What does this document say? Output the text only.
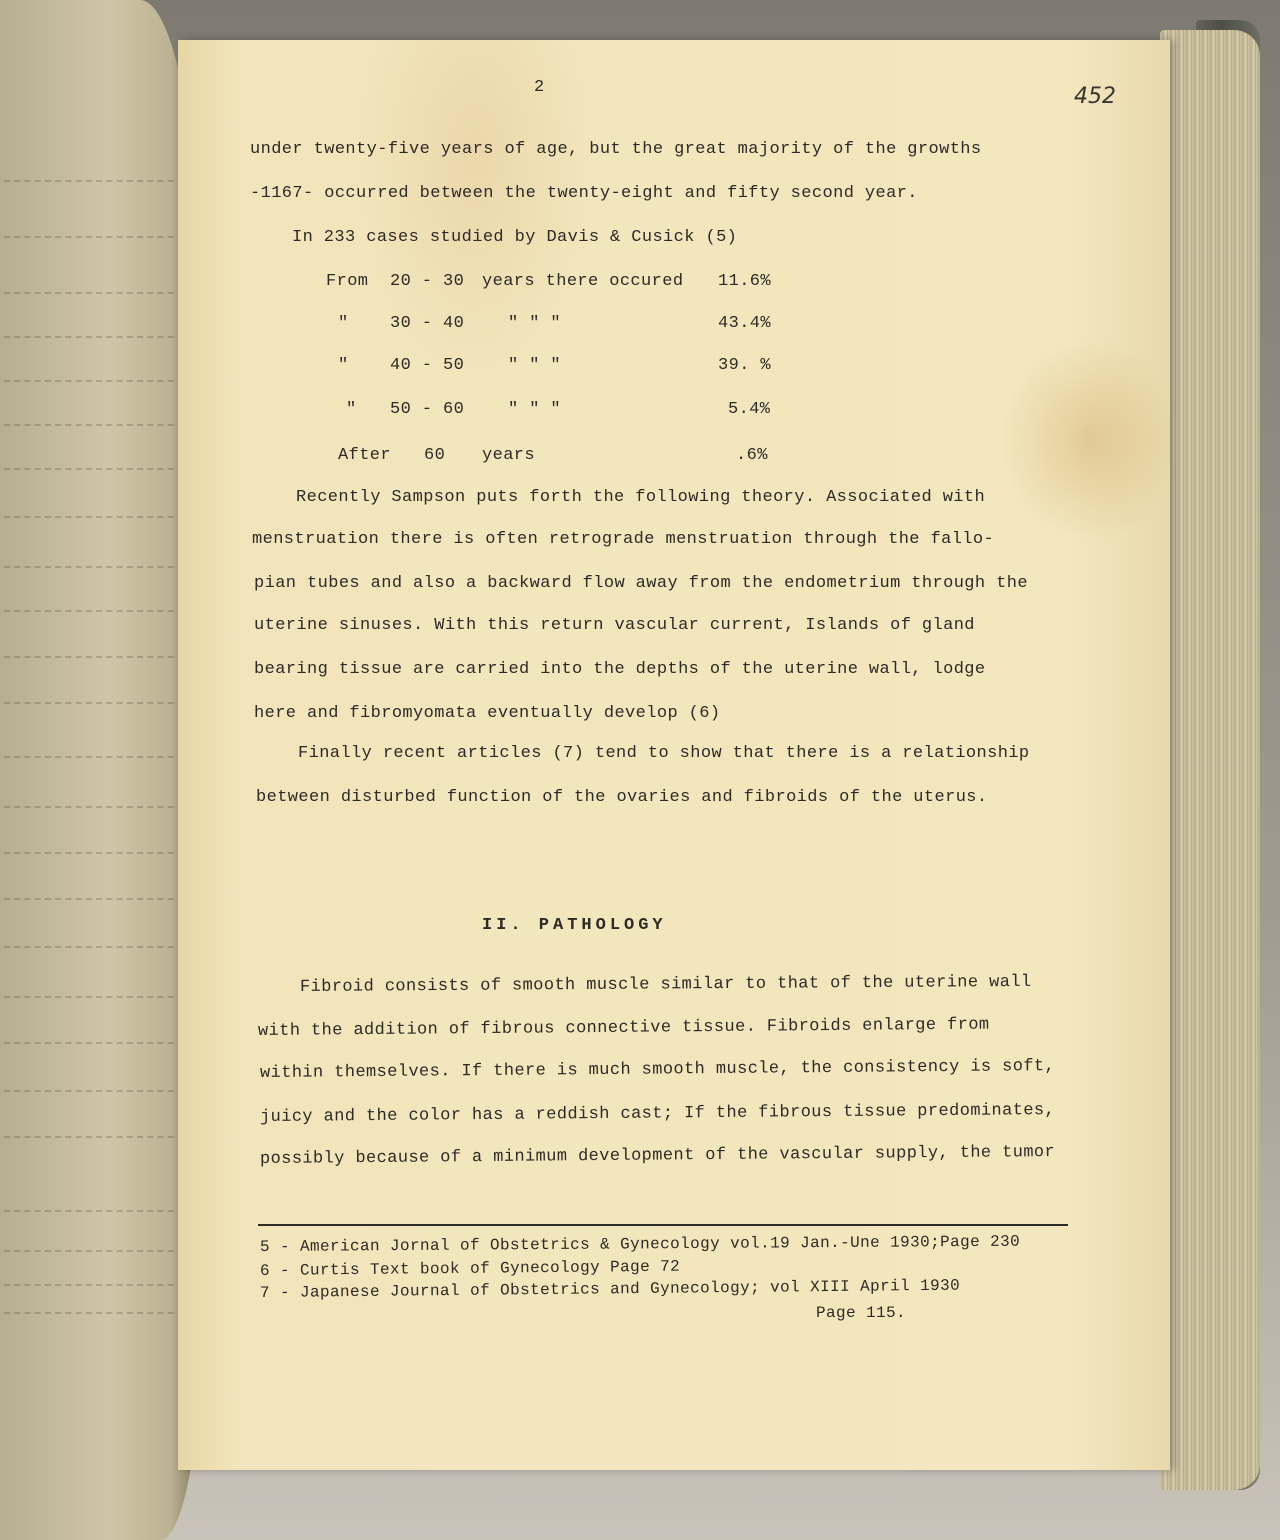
2	452
under twenty-five years of age, but the great majority of the growths
-1167- occurred between the twenty-eight and fifty second year.
In 233 cases studied by Davis & Cusick (5)
From 20 - 30 years there occured 11.6%
" 30 - 40	" " "	43.4%
" 40 - 50	" " "	39. %
" 50 - 60	" " "	5.4%
After 60 years	.6%
Recently Sampson puts forth the following theory. Associated with
menstruation there is often retrograde menstruation through the fallo-
pian tubes and also a backward flow away from the endometrium through the
uterine sinuses. With this return vascular current, Islands of gland
bearing tissue are carried into the depths of the uterine wall, lodge
here and fibromyomata eventually develop (6)
Finally recent articles (7) tend to show that there is a relationship
between disturbed function of the ovaries and fibroids of the uterus.
II. PATHOLOGY
Fibroid consists of smooth muscle similar to that of the uterine wall
with the addition of fibrous connective tissue. Fibroids enlarge from
within themselves. If there is much smooth muscle, the consistency is soft,
juicy and the color has a reddish cast; If the fibrous tissue predominates,
possibly because of a minimum development of the vascular supply, the tumor
5 - American Jornal of Obstetrics & Gynecology vol.19 Jan.-Une 1930;Page 230
6 - Curtis Text book of Gynecology Page 72
7 - Japanese Journal of Obstetrics and Gynecology; vol XIII April 1930
Page 115.
